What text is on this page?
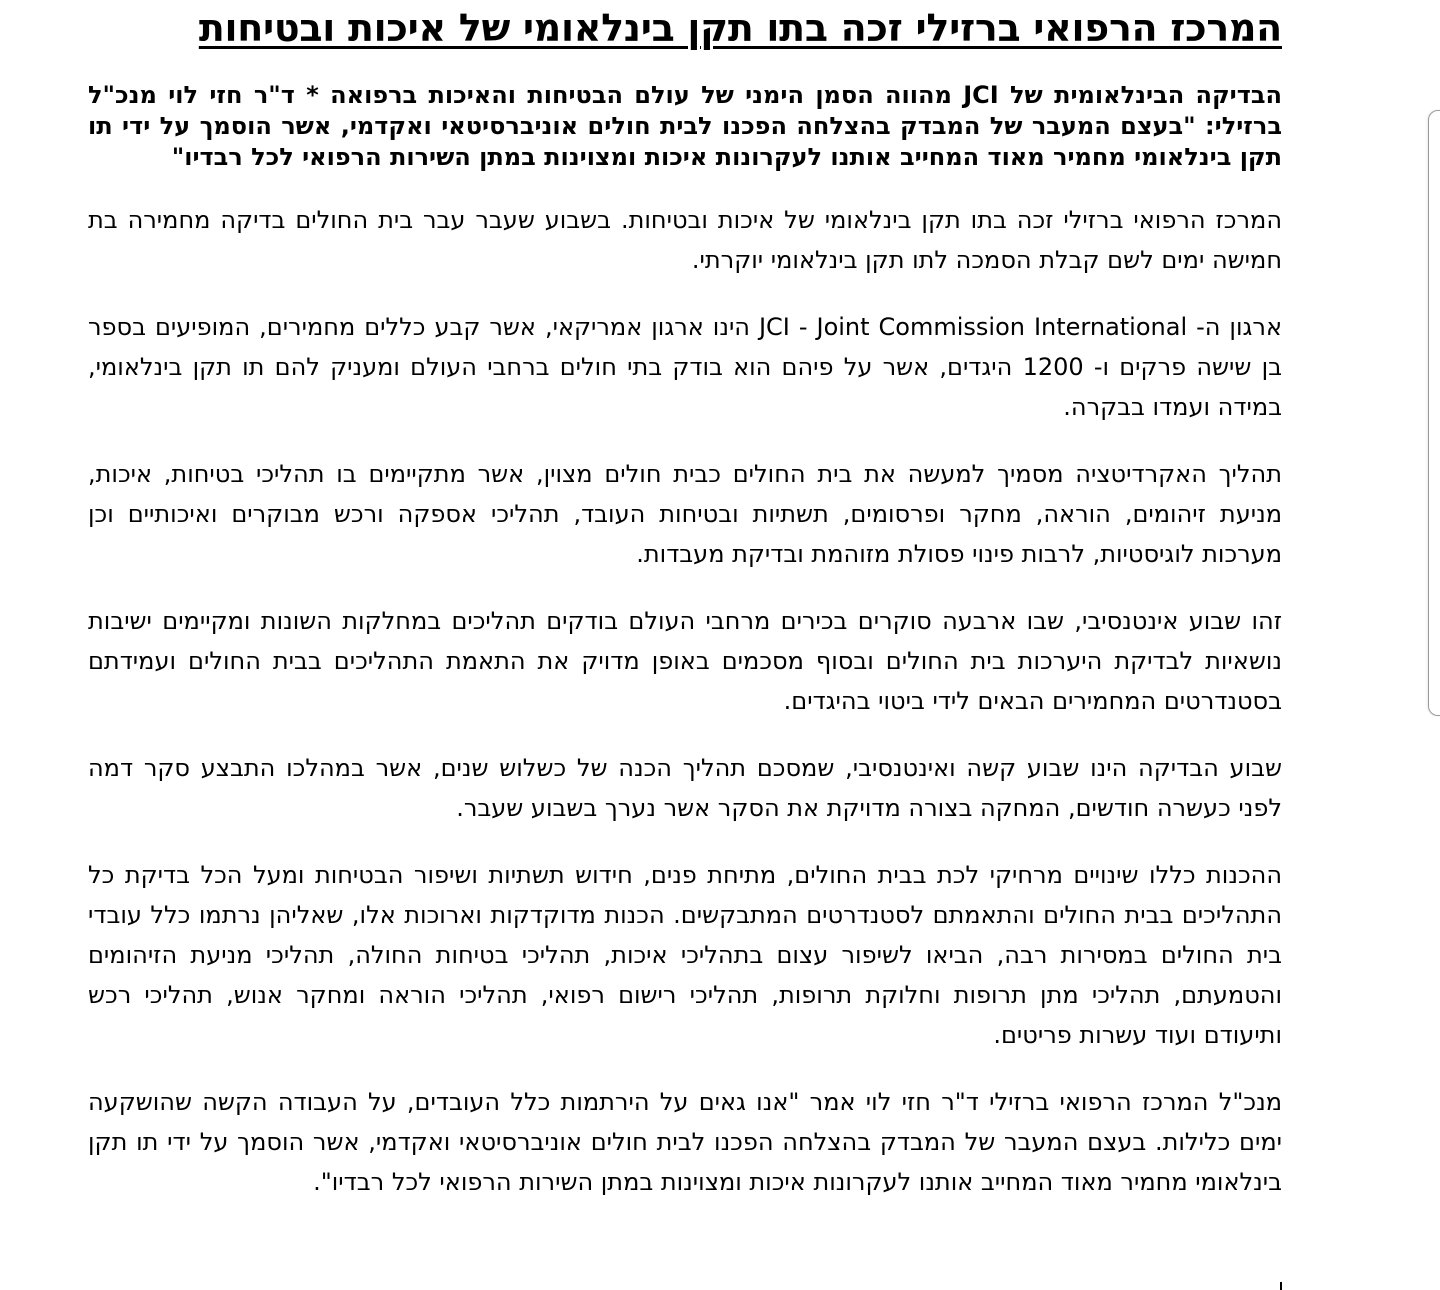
המרכז הרפואי ברזילי זכה בתו תקן בינלאומי של איכות ובטיחות

הבדיקה הבינלאומית של JCI מהווה הסמן הימני של עולם הבטיחות והאיכות ברפואה * ד"ר חזי לוי מנכ"ל ברזילי: "בעצם המעבר של המבדק בהצלחה הפכנו לבית חולים אוניברסיטאי ואקדמי, אשר הוסמך על ידי תו תקן בינלאומי מחמיר מאוד המחייב אותנו לעקרונות איכות ומצוינות במתן השירות הרפואי לכל רבדיו"

המרכז הרפואי ברזילי זכה בתו תקן בינלאומי של איכות ובטיחות. בשבוע שעבר עבר בית החולים בדיקה מחמירה בת חמישה ימים לשם קבלת הסמכה לתו תקן בינלאומי יוקרתי.

ארגון ה- JCI - Joint Commission International הינו ארגון אמריקאי, אשר קבע כללים מחמירים, המופיעים בספר בן שישה פרקים ו- 1200 היגדים, אשר על פיהם הוא בודק בתי חולים ברחבי העולם ומעניק להם תו תקן בינלאומי, במידה ועמדו בבקרה.

תהליך האקרדיטציה מסמיך למעשה את בית החולים כבית חולים מצוין, אשר מתקיימים בו תהליכי בטיחות, איכות, מניעת זיהומים, הוראה, מחקר ופרסומים, תשתיות ובטיחות העובד, תהליכי אספקה ורכש מבוקרים ואיכותיים וכן מערכות לוגיסטיות, לרבות פינוי פסולת מזוהמת ובדיקת מעבדות.

זהו שבוע אינטנסיבי, שבו ארבעה סוקרים בכירים מרחבי העולם בודקים תהליכים במחלקות השונות ומקיימים ישיבות נושאיות לבדיקת היערכות בית החולים ובסוף מסכמים באופן מדויק את התאמת התהליכים בבית החולים ועמידתם בסטנדרטים המחמירים הבאים לידי ביטוי בהיגדים.

שבוע הבדיקה הינו שבוע קשה ואינטנסיבי, שמסכם תהליך הכנה של כשלוש שנים, אשר במהלכו התבצע סקר דמה לפני כעשרה חודשים, המחקה בצורה מדויקת את הסקר אשר נערך בשבוע שעבר.

ההכנות כללו שינויים מרחיקי לכת בבית החולים, מתיחת פנים, חידוש תשתיות ושיפור הבטיחות ומעל הכל בדיקת כל התהליכים בבית החולים והתאמתם לסטנדרטים המתבקשים. הכנות מדוקדקות וארוכות אלו, שאליהן נרתמו כלל עובדי בית החולים במסירות רבה, הביאו לשיפור עצום בתהליכי איכות, תהליכי בטיחות החולה, תהליכי מניעת הזיהומים והטמעתם, תהליכי מתן תרופות וחלוקת תרופות, תהליכי רישום רפואי, תהליכי הוראה ומחקר אנוש, תהליכי רכש ותיעודם ועוד עשרות פריטים.

מנכ"ל המרכז הרפואי ברזילי ד"ר חזי לוי אמר "אנו גאים על הירתמות כלל העובדים, על העבודה הקשה שהושקעה ימים כלילות. בעצם המעבר של המבדק בהצלחה הפכנו לבית חולים אוניברסיטאי ואקדמי, אשר הוסמך על ידי תו תקן בינלאומי מחמיר מאוד המחייב אותנו לעקרונות איכות ומצוינות במתן השירות הרפואי לכל רבדיו".
